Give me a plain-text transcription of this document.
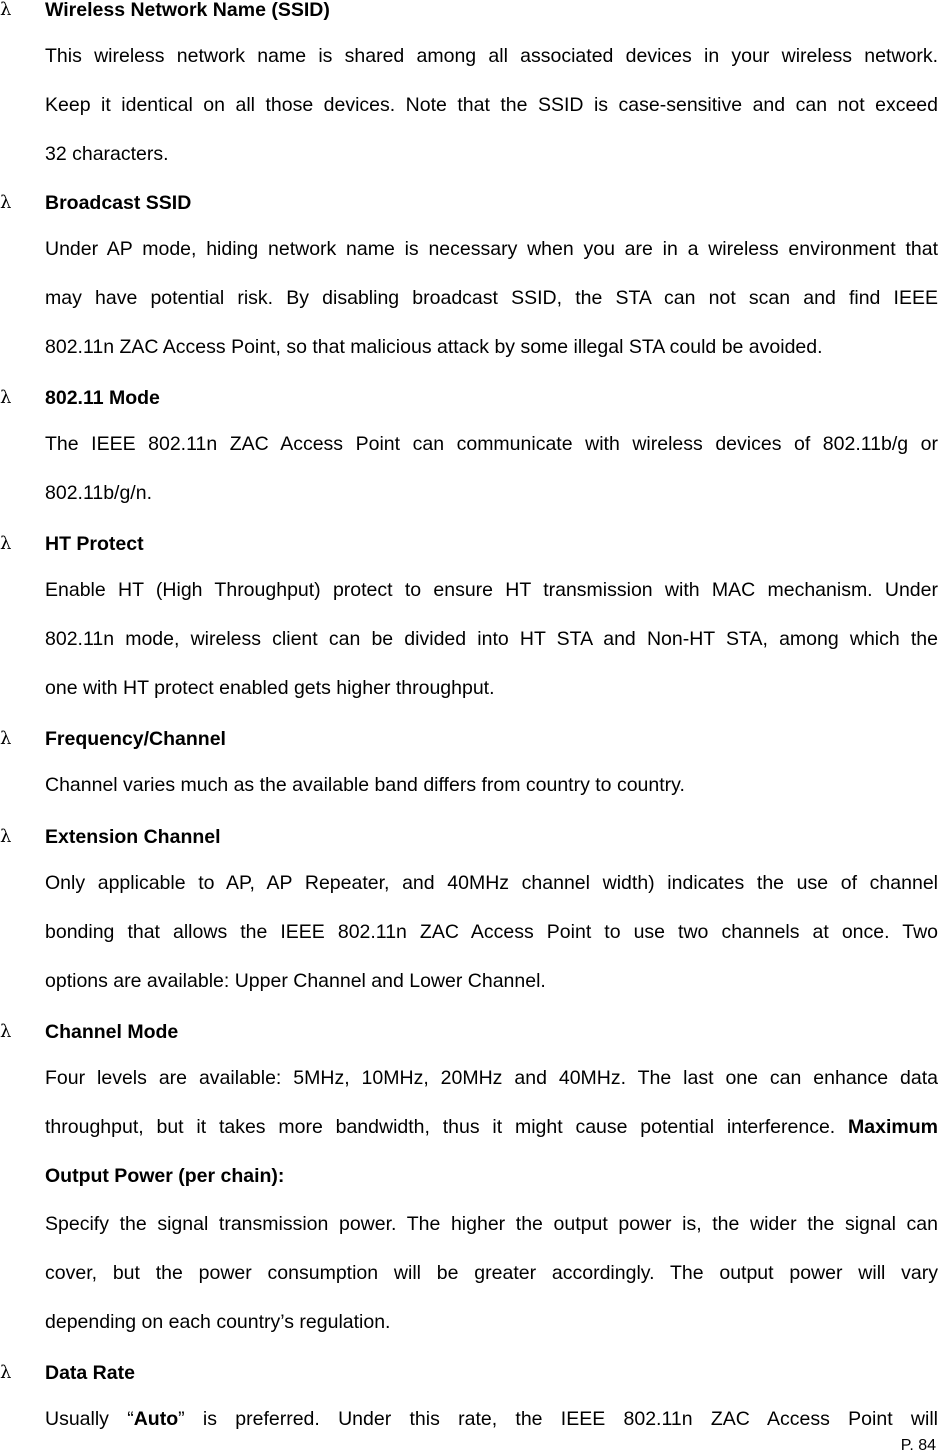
λ Wireless Network Name (SSID)
This wireless network name is shared among all associated devices in your wireless network.
Keep it identical on all those devices. Note that the SSID is case-sensitive and can not exceed
32 characters.
λ Broadcast SSID
Under AP mode, hiding network name is necessary when you are in a wireless environment that
may have potential risk. By disabling broadcast SSID, the STA can not scan and find IEEE
802.11n ZAC Access Point, so that malicious attack by some illegal STA could be avoided.
λ 802.11 Mode
The IEEE 802.11n ZAC Access Point can communicate with wireless devices of 802.11b/g or
802.11b/g/n.
λ HT Protect
Enable HT (High Throughput) protect to ensure HT transmission with MAC mechanism. Under
802.11n mode, wireless client can be divided into HT STA and Non-HT STA, among which the
one with HT protect enabled gets higher throughput.
λ Frequency/Channel
Channel varies much as the available band differs from country to country.
λ Extension Channel
Only applicable to AP, AP Repeater, and 40MHz channel width) indicates the use of channel
bonding that allows the IEEE 802.11n ZAC Access Point to use two channels at once. Two
options are available: Upper Channel and Lower Channel.
λ Channel Mode
Four levels are available: 5MHz, 10MHz, 20MHz and 40MHz. The last one can enhance data
throughput, but it takes more bandwidth, thus it might cause potential interference. Maximum
Output Power (per chain):
Specify the signal transmission power. The higher the output power is, the wider the signal can
cover, but the power consumption will be greater accordingly. The output power will vary
depending on each country’s regulation.
λ Data Rate
Usually “Auto” is preferred. Under this rate, the IEEE 802.11n ZAC Access Point will
P. 84
